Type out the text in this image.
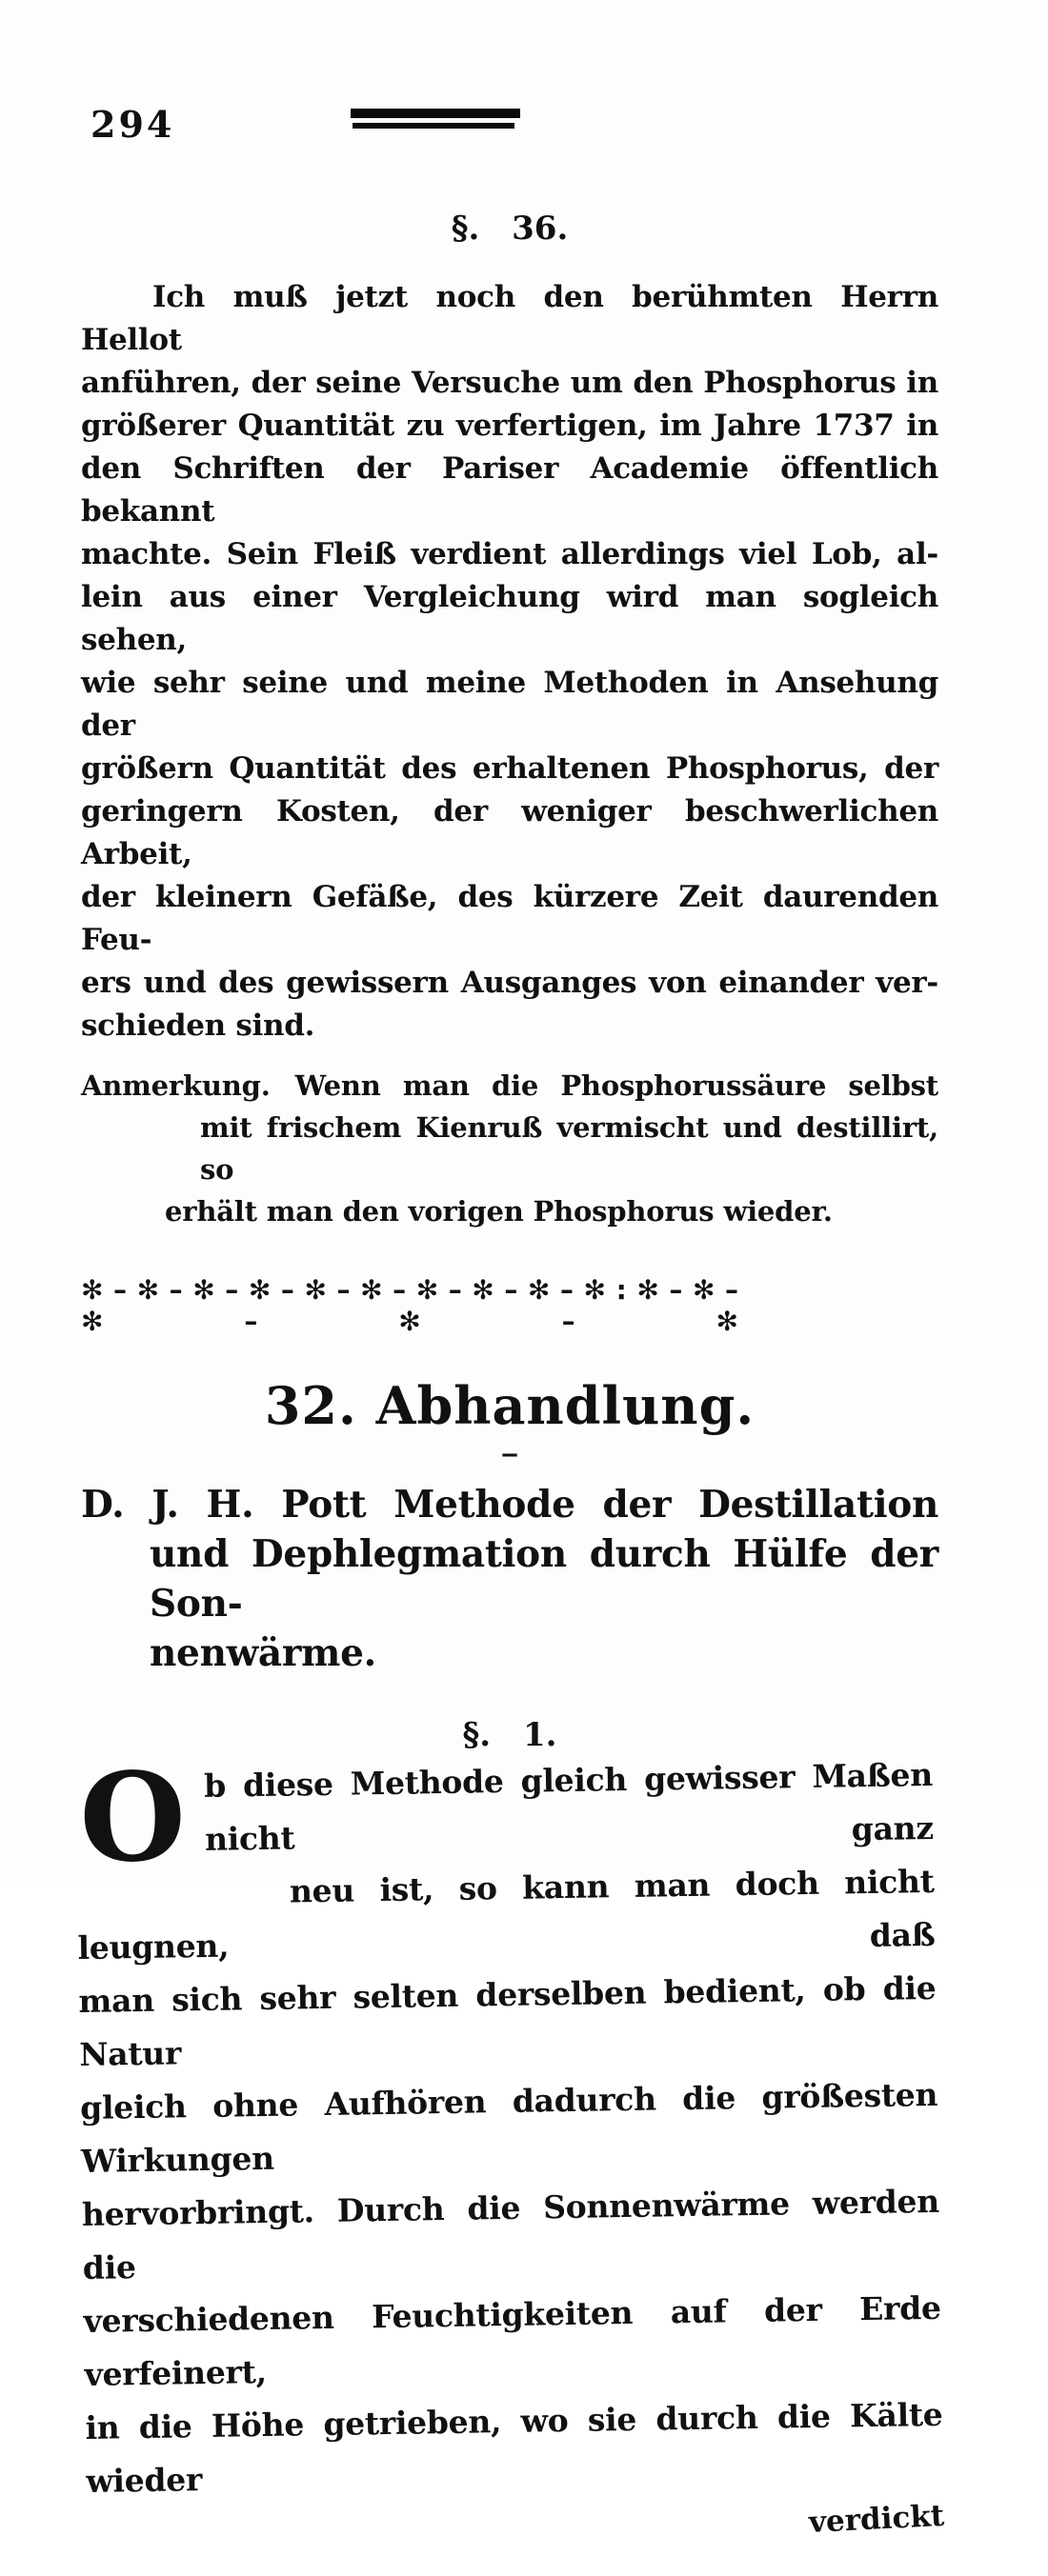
294
§. 36.
Ich muß jetzt noch den berühmten Herrn Hellot
anführen, der seine Versuche um den Phosphorus in
größerer Quantität zu verfertigen, im Jahre 1737 in
den Schriften der Pariser Academie öffentlich bekannt
machte. Sein Fleiß verdient allerdings viel Lob, al-
lein aus einer Vergleichung wird man sogleich sehen,
wie sehr seine und meine Methoden in Ansehung der
größern Quantität des erhaltenen Phosphorus, der
geringern Kosten, der weniger beschwerlichen Arbeit,
der kleinern Gefäße, des kürzere Zeit daurenden Feu-
ers und des gewissern Ausganges von einander ver-
schieden sind.
Anmerkung. Wenn man die Phosphorussäure selbst
mit frischem Kienruß vermischt und destillirt, so
erhält man den vorigen Phosphorus wieder.
✻ – ✻ – ✻ – ✻ – ✻ – ✻ – ✻ – ✻ – ✻ – ✻ : ✻ – ✻ – ✻ – ✻ – ✻
32. Abhandlung.
‒
D. J. H. Pott Methode der Destillation
und Dephlegmation durch Hülfe der Son-
nenwärme.
§. 1.
O b diese Methode gleich gewisser Maßen nicht ganz
neu ist, so kann man doch nicht leugnen, daß
man sich sehr selten derselben bedient, ob die Natur
gleich ohne Aufhören dadurch die größesten Wirkungen
hervorbringt. Durch die Sonnenwärme werden die
verschiedenen Feuchtigkeiten auf der Erde verfeinert,
in die Höhe getrieben, wo sie durch die Kälte wieder
verdickt
